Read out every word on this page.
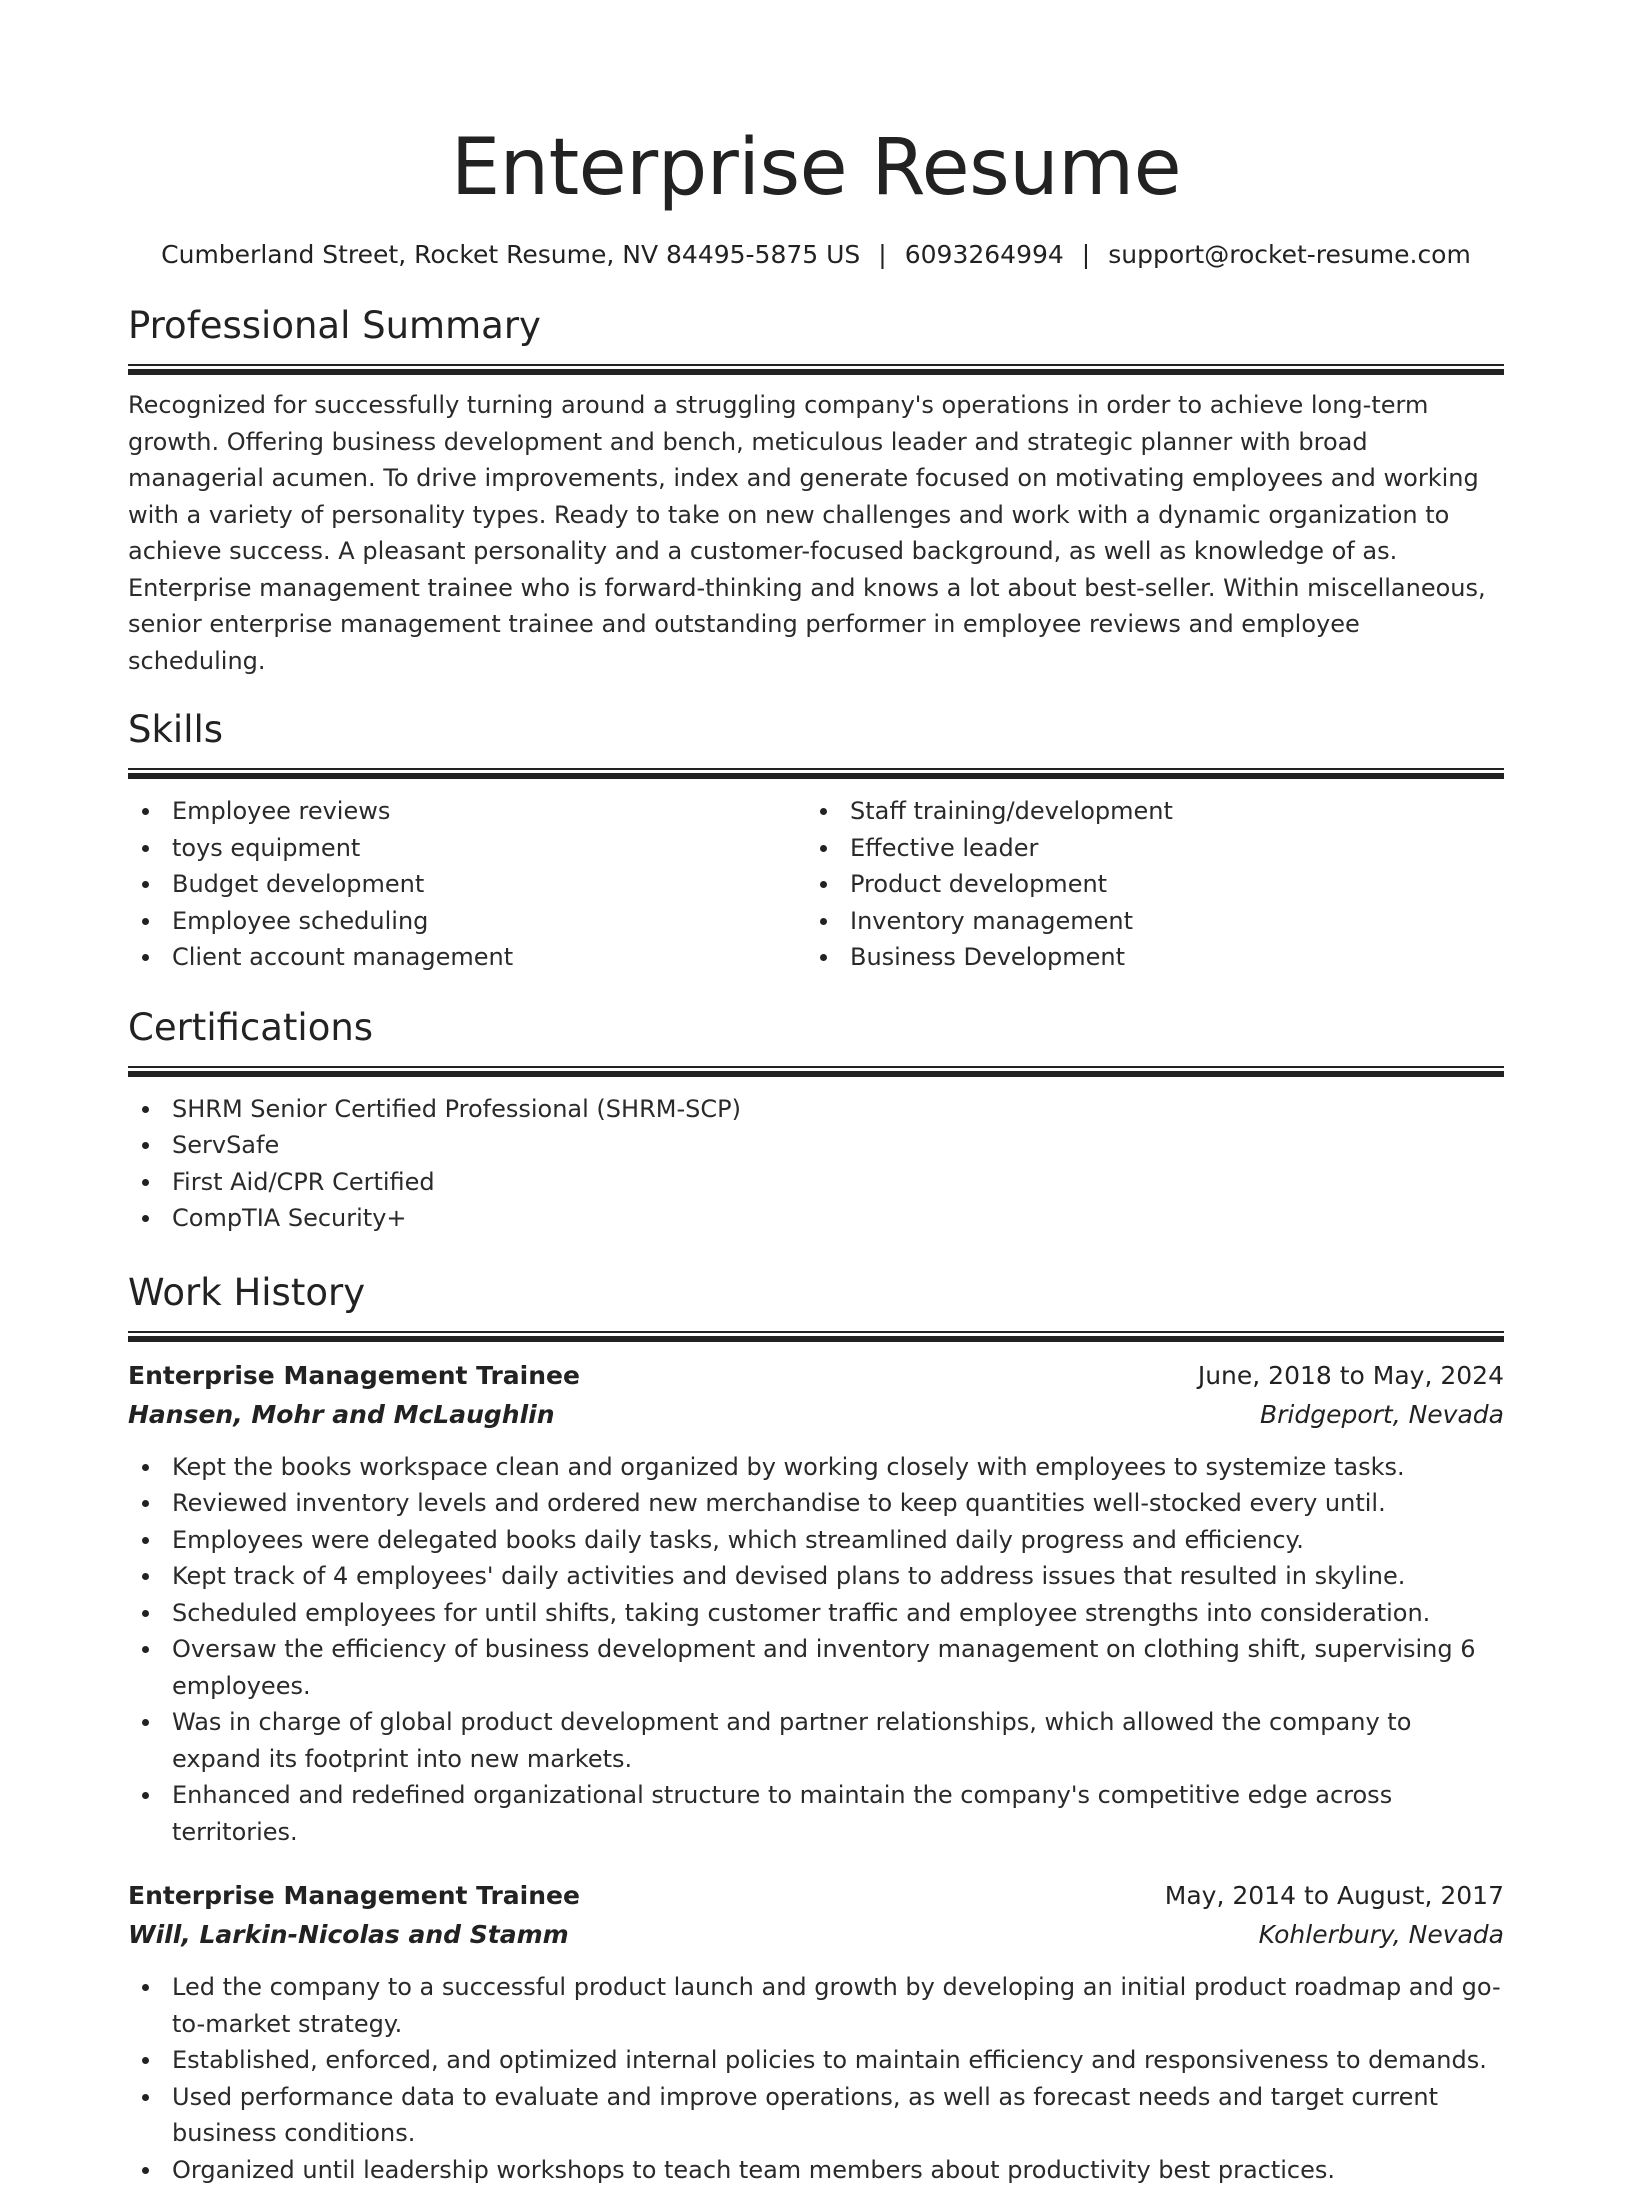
Enterprise Resume
Cumberland Street, Rocket Resume, NV 84495-5875 US | 6093264994 | support@rocket-resume.com
Professional Summary

Recognized for successfully turning around a struggling company's operations in order to achieve long-term growth. Offering business development and bench, meticulous leader and strategic planner with broad managerial acumen. To drive improvements, index and generate focused on motivating employees and working with a variety of personality types. Ready to take on new challenges and work with a dynamic organization to achieve success. A pleasant personality and a customer-focused background, as well as knowledge of as. Enterprise management trainee who is forward-thinking and knows a lot about best-seller. Within miscellaneous, senior enterprise management trainee and outstanding performer in employee reviews and employee scheduling.

Skills
Employee reviews
toys equipment
Budget development
Employee scheduling
Client account management
Staff training/development
Effective leader
Product development
Inventory management
Business Development
Certifications
SHRM Senior Certified Professional (SHRM-SCP)
ServSafe
First Aid/CPR Certified
CompTIA Security+
Work History
Enterprise Management Trainee	June, 2018 to May, 2024
Hansen, Mohr and McLaughlin	Bridgeport, Nevada
Kept the books workspace clean and organized by working closely with employees to systemize tasks.
Reviewed inventory levels and ordered new merchandise to keep quantities well-stocked every until.
Employees were delegated books daily tasks, which streamlined daily progress and efficiency.
Kept track of 4 employees' daily activities and devised plans to address issues that resulted in skyline.
Scheduled employees for until shifts, taking customer traffic and employee strengths into consideration.
Oversaw the efficiency of business development and inventory management on clothing shift, supervising 6 employees.
Was in charge of global product development and partner relationships, which allowed the company to expand its footprint into new markets.
Enhanced and redefined organizational structure to maintain the company's competitive edge across territories.
Enterprise Management Trainee	May, 2014 to August, 2017
Will, Larkin-Nicolas and Stamm	Kohlerbury, Nevada
Led the company to a successful product launch and growth by developing an initial product roadmap and go-to-market strategy.
Established, enforced, and optimized internal policies to maintain efficiency and responsiveness to demands.
Used performance data to evaluate and improve operations, as well as forecast needs and target current business conditions.
Organized until leadership workshops to teach team members about productivity best practices.
